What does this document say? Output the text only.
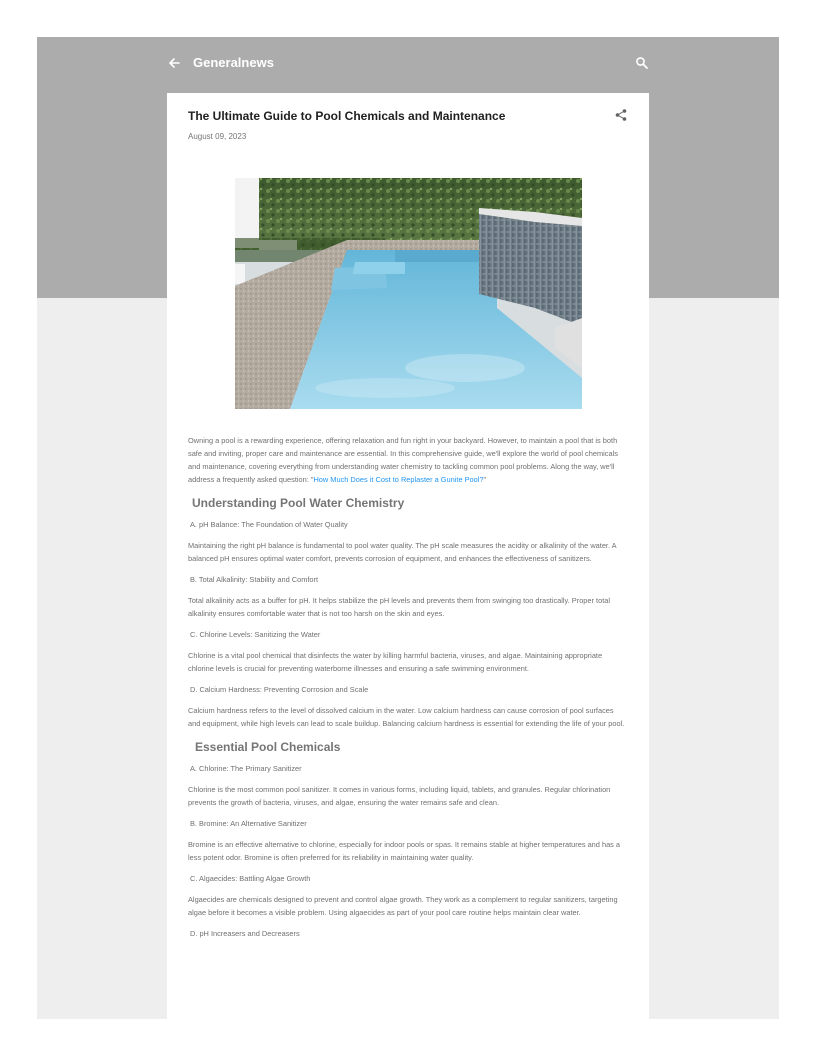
Generalnews
The Ultimate Guide to Pool Chemicals and Maintenance
August 09, 2023

Owning a pool is a rewarding experience, offering relaxation and fun right in your backyard. However, to maintain a pool that is both safe and inviting, proper care and maintenance are essential. In this comprehensive guide, we'll explore the world of pool chemicals and maintenance, covering everything from understanding water chemistry to tackling common pool problems. Along the way, we'll address a frequently asked question: "How Much Does it Cost to Replaster a Gunite Pool?"

Understanding Pool Water Chemistry

A. pH Balance: The Foundation of Water Quality

Maintaining the right pH balance is fundamental to pool water quality. The pH scale measures the acidity or alkalinity of the water. A balanced pH ensures optimal water comfort, prevents corrosion of equipment, and enhances the effectiveness of sanitizers.

B. Total Alkalinity: Stability and Comfort

Total alkalinity acts as a buffer for pH. It helps stabilize the pH levels and prevents them from swinging too drastically. Proper total alkalinity ensures comfortable water that is not too harsh on the skin and eyes.

C. Chlorine Levels: Sanitizing the Water

Chlorine is a vital pool chemical that disinfects the water by killing harmful bacteria, viruses, and algae. Maintaining appropriate chlorine levels is crucial for preventing waterborne illnesses and ensuring a safe swimming environment.

D. Calcium Hardness: Preventing Corrosion and Scale

Calcium hardness refers to the level of dissolved calcium in the water. Low calcium hardness can cause corrosion of pool surfaces and equipment, while high levels can lead to scale buildup. Balancing calcium hardness is essential for extending the life of your pool.

Essential Pool Chemicals

A. Chlorine: The Primary Sanitizer

Chlorine is the most common pool sanitizer. It comes in various forms, including liquid, tablets, and granules. Regular chlorination prevents the growth of bacteria, viruses, and algae, ensuring the water remains safe and clean.

B. Bromine: An Alternative Sanitizer

Bromine is an effective alternative to chlorine, especially for indoor pools or spas. It remains stable at higher temperatures and has a less potent odor. Bromine is often preferred for its reliability in maintaining water quality.

C. Algaecides: Battling Algae Growth

Algaecides are chemicals designed to prevent and control algae growth. They work as a complement to regular sanitizers, targeting algae before it becomes a visible problem. Using algaecides as part of your pool care routine helps maintain clear water.

D. pH Increasers and Decreasers
